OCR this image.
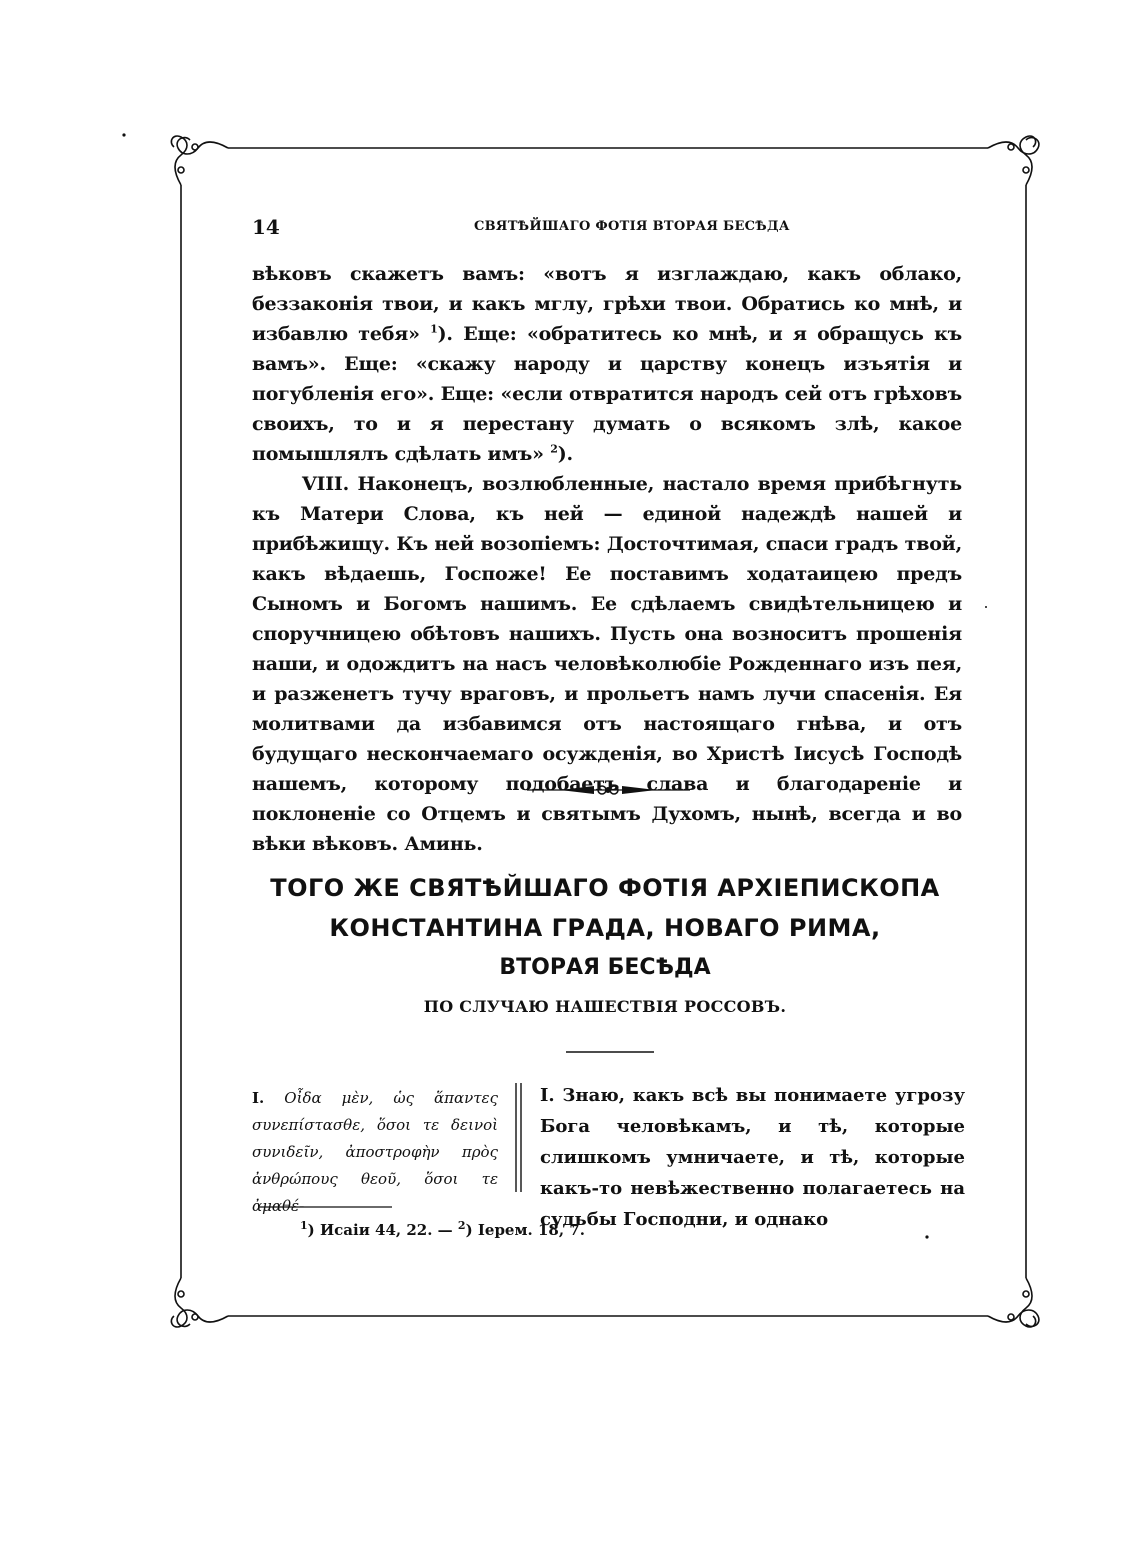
14	СВЯТѢЙШАГО ФОТІЯ ВТОРАЯ БЕСѢДА

вѣковъ скажетъ вамъ: «вотъ я изглаждаю, какъ облако, беззаконія твои, и какъ мглу, грѣхи твои. Обратись ко мнѣ, и избавлю тебя» $^1$). Еще: «обратитесь ко мнѣ, и я обращусь къ вамъ». Еще: «скажу народу и царству конецъ изъятія и погубленія его». Еще: «если отвратится народъ сей отъ грѣховъ своихъ, то и я перестану думать о всякомъ злѣ, какое помышлялъ сдѣлать имъ» $^2$).

VIII. Наконецъ, возлюбленные, настало время прибѣгнуть къ Матери Слова, къ ней — единой надеждѣ нашей и прибѣжищу. Къ ней возопіемъ: Досточтимая, спаси градъ твой, какъ вѣдаешь, Госпоже! Ее поставимъ ходатаицею предъ Сыномъ и Богомъ нашимъ. Ее сдѣлаемъ свидѣтельницею и споручницею обѣтовъ нашихъ. Пусть она возноситъ прошенія наши, и одождитъ на насъ человѣколюбіе Рожденнаго изъ пея, и разженетъ тучу враговъ, и прольетъ намъ лучи спасенія. Ея молитвами да избавимся отъ настоящаго гнѣва, и отъ будущаго нескончаемаго осужденія, во Христѣ Іисусѣ Господѣ нашемъ, которому подобаетъ слава и благодареніе и поклоненіе со Отцемъ и святымъ Духомъ, нынѣ, всегда и во вѣки вѣковъ. Аминь.

ТОГО ЖЕ СВЯТѢЙШАГО ФОТІЯ АРХІЕПИСКОПА КОНСТАНТИНА ГРАДА, НОВАГО РИМА,
ВТОРАЯ БЕСѢДА
ПО СЛУЧАЮ НАШЕСТВІЯ РОССОВЪ.
I. Οἶδα μὲν, ὡς ἅπαντες συνεπίστασθε, ὅσοι τε δεινοὶ συνιδεῖν, ἀποστροφὴν πρὸς ἀνθρώπους θεοῦ, ὅσοι τε ἀμαθέ-
I. Знаю, какъ всѣ вы понимаете угрозу Бога человѣкамъ, и тѣ, которые слишкомъ умничаете, и тѣ, которые какъ-то невѣжественно полагаетесь на судьбы Господни, и однако
$^1$) Исаiи 44, 22. — $^2$) Іерем. 18, 7.
